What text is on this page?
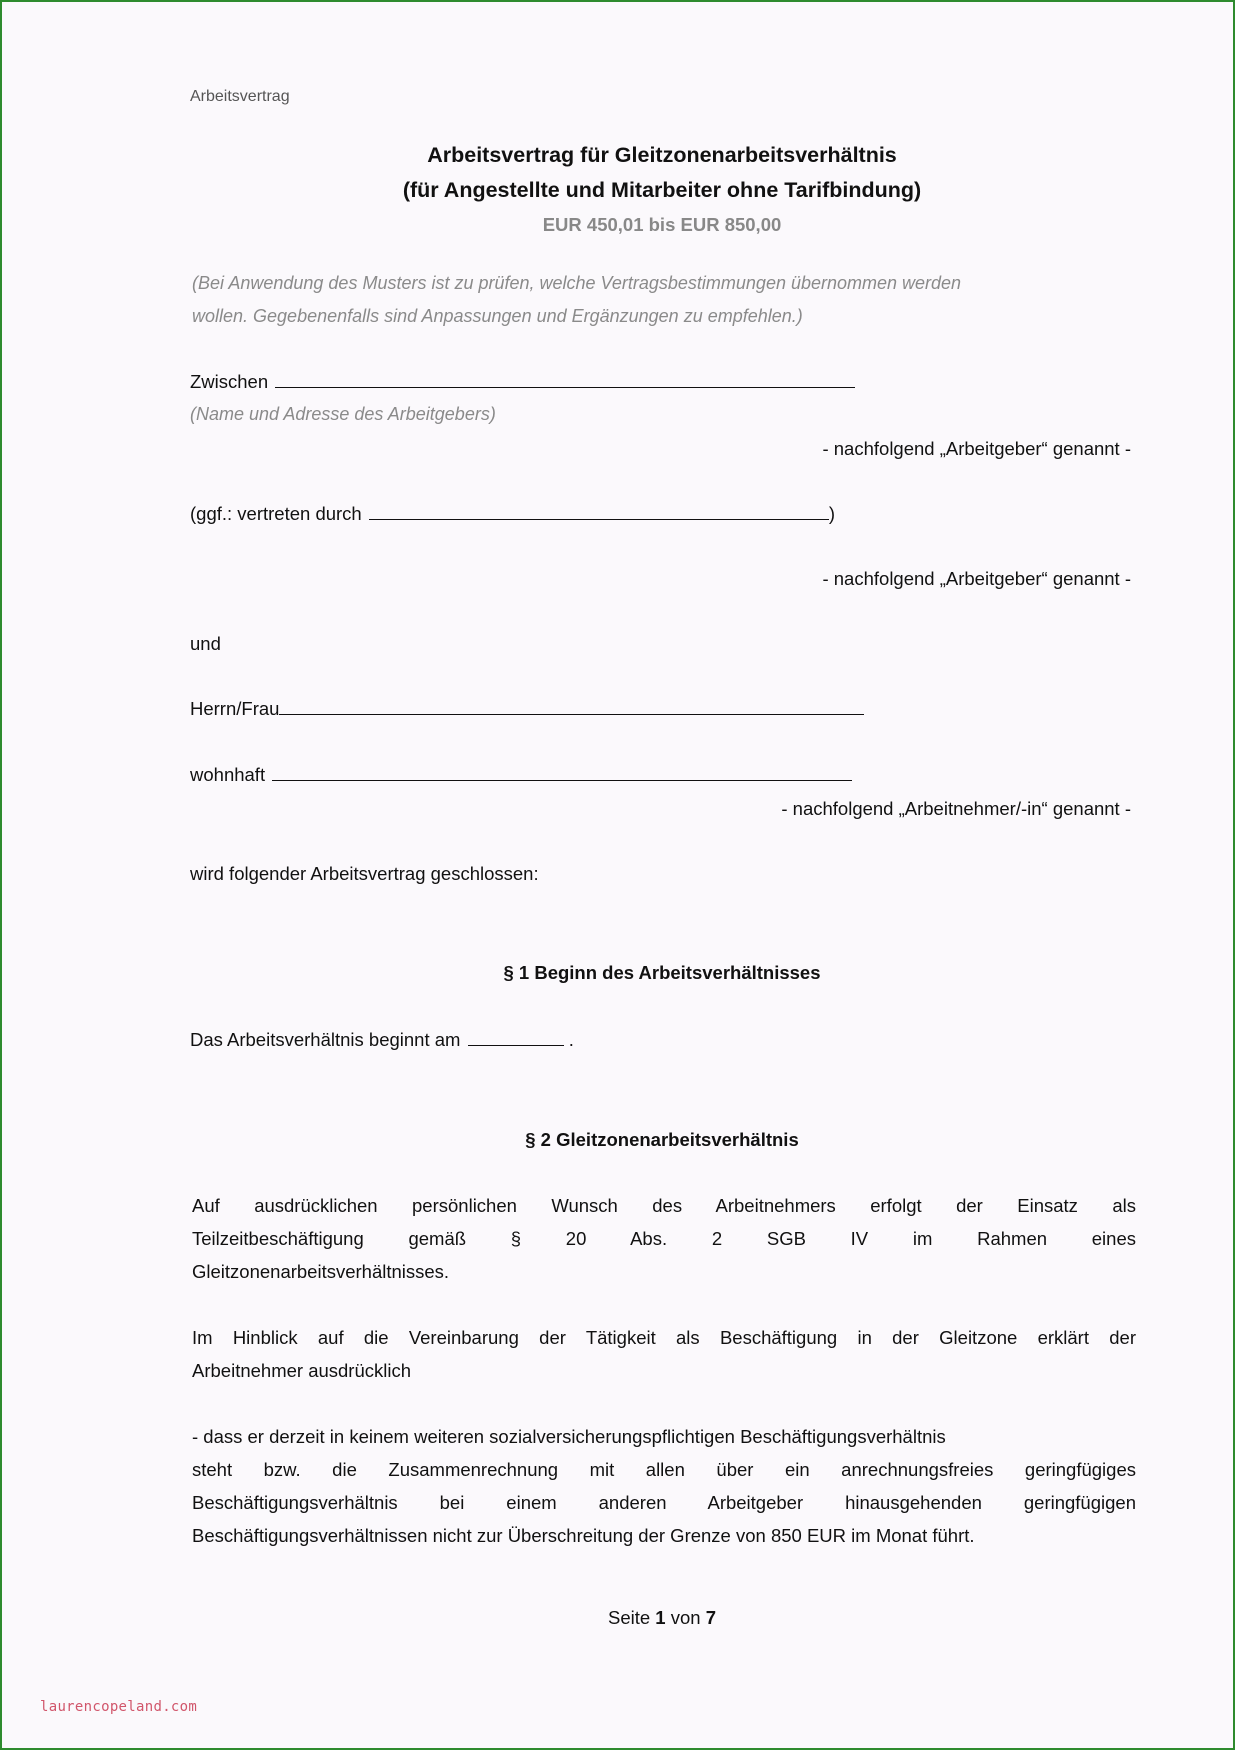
Arbeitsvertrag
Arbeitsvertrag für Gleitzonenarbeitsverhältnis
(für Angestellte und Mitarbeiter ohne Tarifbindung)
EUR 450,01 bis EUR 850,00
(Bei Anwendung des Musters ist zu prüfen, welche Vertragsbestimmungen übernommen werden
wollen. Gegebenenfalls sind Anpassungen und Ergänzungen zu empfehlen.)
Zwischen
(Name und Adresse des Arbeitgebers)
- nachfolgend „Arbeitgeber“ genannt -
(ggf.: vertreten durch	)
- nachfolgend „Arbeitgeber“ genannt -
und
Herrn/Frau
wohnhaft
- nachfolgend „Arbeitnehmer/-in“ genannt -
wird folgender Arbeitsvertrag geschlossen:
§ 1 Beginn des Arbeitsverhältnisses
Das Arbeitsverhältnis beginnt am	.
§ 2 Gleitzonenarbeitsverhältnis
Auf ausdrücklichen persönlichen Wunsch des Arbeitnehmers erfolgt der Einsatz als
Teilzeitbeschäftigung gemäß § 20 Abs. 2 SGB IV im Rahmen eines
Gleitzonenarbeitsverhältnisses.
Im Hinblick auf die Vereinbarung der Tätigkeit als Beschäftigung in der Gleitzone erklärt der
Arbeitnehmer ausdrücklich
- dass er derzeit in keinem weiteren sozialversicherungspflichtigen Beschäftigungsverhältnis
steht bzw. die Zusammenrechnung mit allen über ein anrechnungsfreies geringfügiges
Beschäftigungsverhältnis bei einem anderen Arbeitgeber hinausgehenden geringfügigen
Beschäftigungsverhältnissen nicht zur Überschreitung der Grenze von 850 EUR im Monat führt.
Seite 1 von 7
laurencopeland.com
